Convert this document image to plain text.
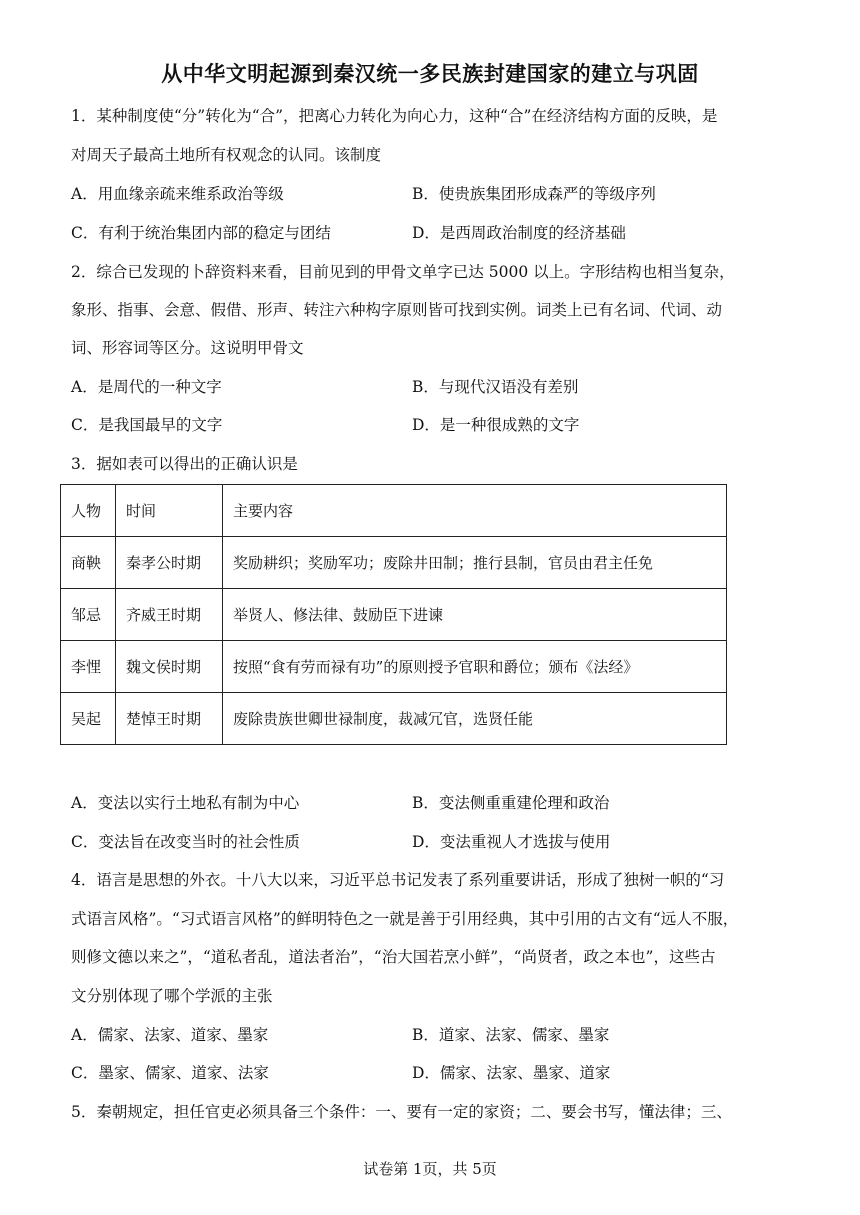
从中华文明起源到秦汉统一多民族封建国家的建立与巩固
1．某种制度使“分”转化为“合”，把离心力转化为向心力，这种“合”在经济结构方面的反映，是
对周天子最高土地所有权观念的认同。该制度
A．用血缘亲疏来维系政治等级	B．使贵族集团形成森严的等级序列
C．有利于统治集团内部的稳定与团结	D．是西周政治制度的经济基础
2．综合已发现的卜辞资料来看，目前见到的甲骨文单字已达 5000 以上。字形结构也相当复杂，
象形、指事、会意、假借、形声、转注六种构字原则皆可找到实例。词类上已有名词、代词、动
词、形容词等区分。这说明甲骨文
A．是周代的一种文字	B．与现代汉语没有差别
C．是我国最早的文字	D．是一种很成熟的文字
3．据如表可以得出的正确认识是
人物	时间	主要内容
商鞅	秦孝公时期	奖励耕织；奖励军功；废除井田制；推行县制，官员由君主任免
邹忌	齐威王时期	举贤人、修法律、鼓励臣下进谏
李悝	魏文侯时期	按照“食有劳而禄有功”的原则授予官职和爵位；颁布《法经》
吴起	楚悼王时期	废除贵族世卿世禄制度，裁减冗官，选贤任能
A．变法以实行土地私有制为中心	B．变法侧重重建伦理和政治
C．变法旨在改变当时的社会性质	D．变法重视人才选拔与使用
4．语言是思想的外衣。十八大以来，习近平总书记发表了系列重要讲话，形成了独树一帜的“习
式语言风格”。“习式语言风格”的鲜明特色之一就是善于引用经典，其中引用的古文有“远人不服，
则修文德以来之”，“道私者乱，道法者治”，“治大国若烹小鲜”，“尚贤者，政之本也”，这些古
文分别体现了哪个学派的主张
A．儒家、法家、道家、墨家	B．道家、法家、儒家、墨家
C．墨家、儒家、道家、法家	D．儒家、法家、墨家、道家
5．秦朝规定，担任官吏必须具备三个条件：一、要有一定的家资；二、要会书写，懂法律；三、
试卷第 1页，共 5页
